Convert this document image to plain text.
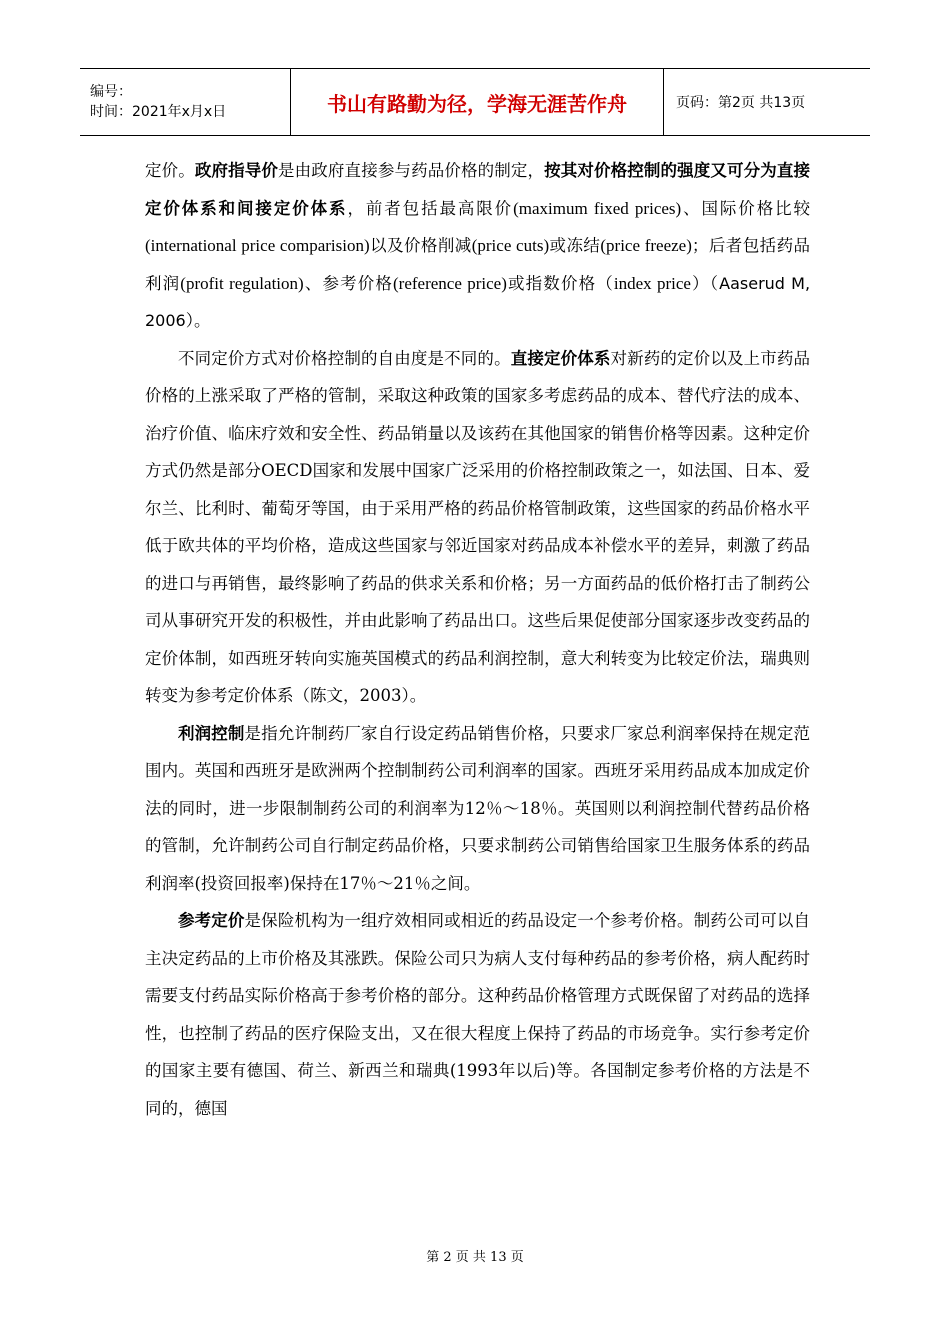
编号：
时间：2021年x月x日	书山有路勤为径，学海无涯苦作舟	页码：第2页 共13页

定价。政府指导价是由政府直接参与药品价格的制定，按其对价格控制的强度又可分为直接定价体系和间接定价体系，前者包括最高限价(maximum fixed prices)、国际价格比较(international price comparision)以及价格削减(price cuts)或冻结(price freeze)；后者包括药品利润(profit regulation)、参考价格(reference price)或指数价格（index price）（Aaserud M, 2006）。

不同定价方式对价格控制的自由度是不同的。直接定价体系对新药的定价以及上市药品价格的上涨采取了严格的管制，采取这种政策的国家多考虑药品的成本、替代疗法的成本、治疗价值、临床疗效和安全性、药品销量以及该药在其他国家的销售价格等因素。这种定价方式仍然是部分OECD国家和发展中国家广泛采用的价格控制政策之一，如法国、日本、爱尔兰、比利时、葡萄牙等国，由于采用严格的药品价格管制政策，这些国家的药品价格水平低于欧共体的平均价格，造成这些国家与邻近国家对药品成本补偿水平的差异，刺激了药品的进口与再销售，最终影响了药品的供求关系和价格；另一方面药品的低价格打击了制药公司从事研究开发的积极性，并由此影响了药品出口。这些后果促使部分国家逐步改变药品的定价体制，如西班牙转向实施英国模式的药品利润控制，意大利转变为比较定价法，瑞典则转变为参考定价体系（陈文，2003）。

利润控制是指允许制药厂家自行设定药品销售价格，只要求厂家总利润率保持在规定范围内。英国和西班牙是欧洲两个控制制药公司利润率的国家。西班牙采用药品成本加成定价法的同时，进一步限制制药公司的利润率为12％～18％。英国则以利润控制代替药品价格的管制，允许制药公司自行制定药品价格，只要求制药公司销售给国家卫生服务体系的药品利润率(投资回报率)保持在17％～21％之间。

参考定价是保险机构为一组疗效相同或相近的药品设定一个参考价格。制药公司可以自主决定药品的上市价格及其涨跌。保险公司只为病人支付每种药品的参考价格，病人配药时需要支付药品实际价格高于参考价格的部分。这种药品价格管理方式既保留了对药品的选择性，也控制了药品的医疗保险支出，又在很大程度上保持了药品的市场竞争。实行参考定价的国家主要有德国、荷兰、新西兰和瑞典(1993年以后)等。各国制定参考价格的方法是不同的，德国

第 2 页 共 13 页
